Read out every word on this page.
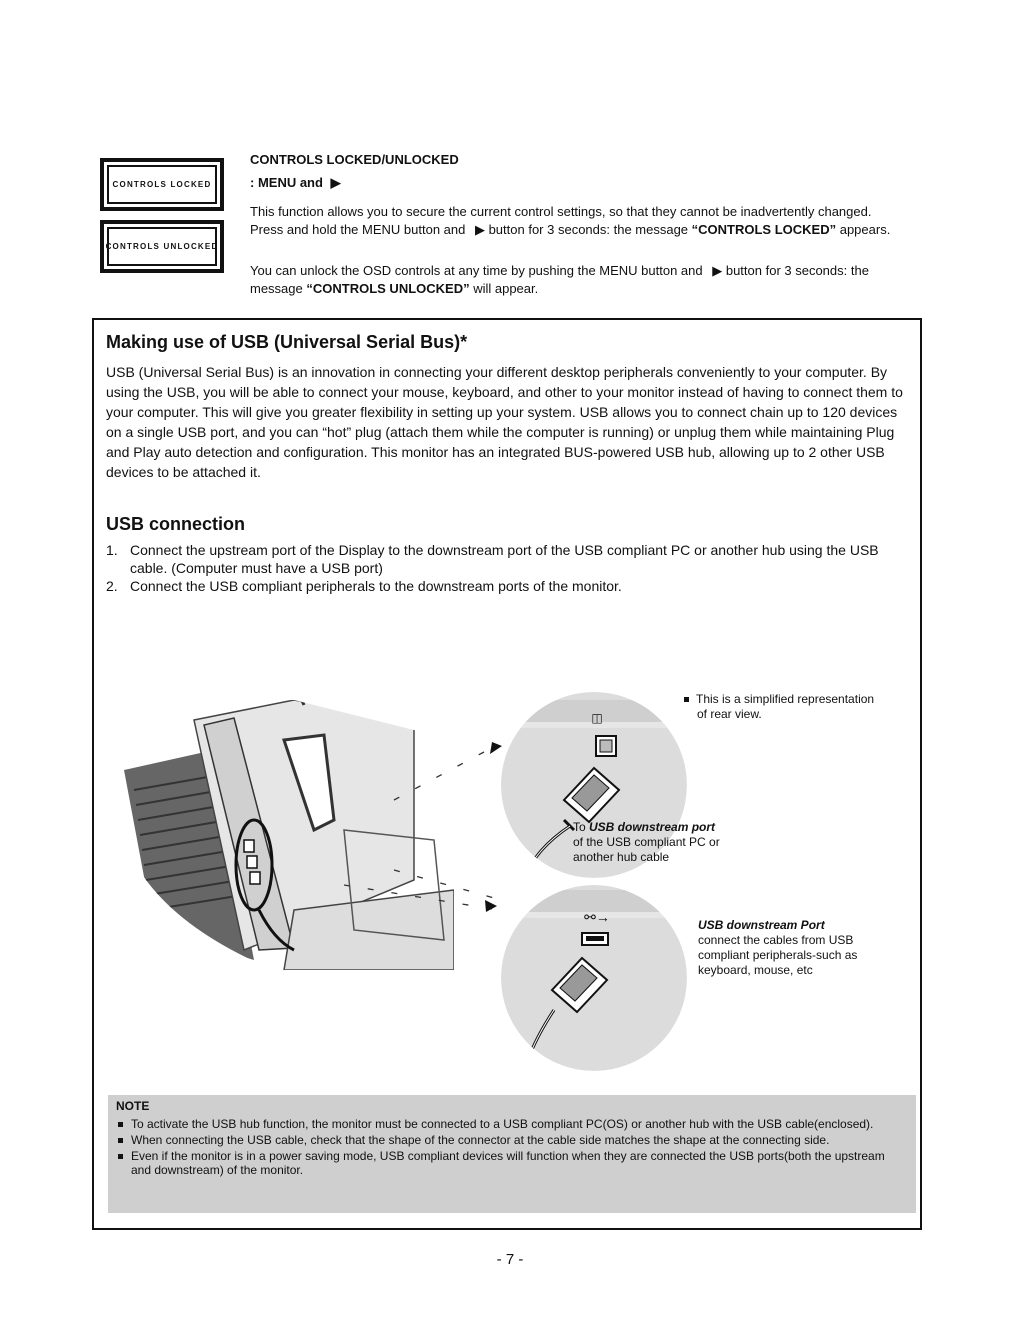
CONTROLS LOCKED
CONTROLS UNLOCKED
CONTROLS LOCKED/UNLOCKED
: MENU and ▶
This function allows you to secure the current control settings, so that they cannot be inadvertently changed. Press and hold the MENU button and ▶ button for 3 seconds: the message “CONTROLS LOCKED” appears.
You can unlock the OSD controls at any time by pushing the MENU button and ▶ button for 3 seconds: the message “CONTROLS UNLOCKED” will appear.
Making use of USB (Universal Serial Bus)*
USB (Universal Serial Bus) is an innovation in connecting your different desktop peripherals conveniently to your computer. By using the USB, you will be able to connect your mouse, keyboard, and other to your monitor instead of having to connect them to your computer. This will give you greater flexibility in setting up your system. USB allows you to connect chain up to 120 devices on a single USB port, and you can “hot” plug (attach them while the computer is running) or unplug them while maintaining Plug and Play auto detection and configuration. This monitor has an integrated BUS-powered USB hub, allowing up to 2 other USB devices to be attached it.
USB connection
1. Connect the upstream port of the Display to the downstream port of the USB compliant PC or another hub using the USB cable. (Computer must have a USB port)
2. Connect the USB compliant peripherals to the downstream ports of the monitor.
◫
⚯→
This is a simplified representation
of rear view.
To USB downstream port
of the USB compliant PC or
another hub cable
USB downstream Port
connect the cables from USB
compliant peripherals-such as
keyboard, mouse, etc
NOTE
To activate the USB hub function, the monitor must be connected to a USB compliant PC(OS) or another hub with the USB cable(enclosed).
When connecting the USB cable, check that the shape of the connector at the cable side matches the shape at the connecting side.
Even if the monitor is in a power saving mode, USB compliant devices will function when they are connected the USB ports(both the upstream and downstream) of the monitor.
- 7 -
